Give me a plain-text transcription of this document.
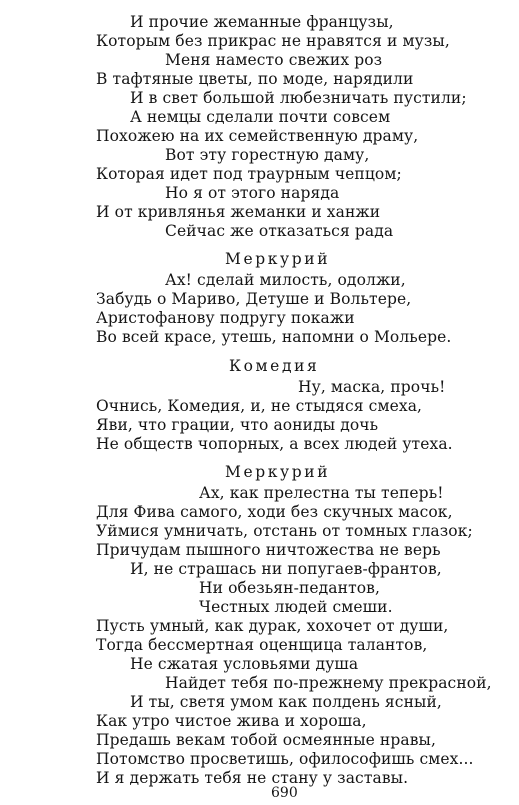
И прочие жеманные французы,
Которым без прикрас не нравятся и музы,
Меня наместо свежих роз
В тафтяные цветы, по моде, нарядили
И в свет большой любезничать пустили;
А немцы сделали почти совсем
Похожею на их семейственную драму,
Вот эту горестную даму,
Которая идет под траурным чепцом;
Но я от этого наряда
И от кривлянья жеманки и ханжи
Сейчас же отказаться рада
Меркурий
Ах! сделай милость, одолжи,
Забудь о Мариво, Детуше и Вольтере,
Аристофанову подругу покажи
Во всей красе, утешь, напомни о Мольере.
Комедия
Ну, маска, прочь!
Очнись, Комедия, и, не стыдяся смеха,
Яви, что грации, что аониды дочь
Не обществ чопорных, а всех людей утеха.
Меркурий
Ах, как прелестна ты теперь!
Для Фива самого, ходи без скучных масок,
Уймися умничать, отстань от томных глазок;
Причудам пышного ничтожества не верь
И, не страшась ни попугаев-франтов,
Ни обезьян-педантов,
Честных людей смеши.
Пусть умный, как дурак, хохочет от души,
Тогда бессмертная оценщица талантов,
Не сжатая условьями душа
Найдет тебя по-прежнему прекрасной,
И ты, светя умом как полдень ясный,
Как утро чистое жива и хороша,
Предашь векам тобой осмеянные нравы,
Потомство просветишь, офилософишь смех...
И я держать тебя не стану у заставы.
690
